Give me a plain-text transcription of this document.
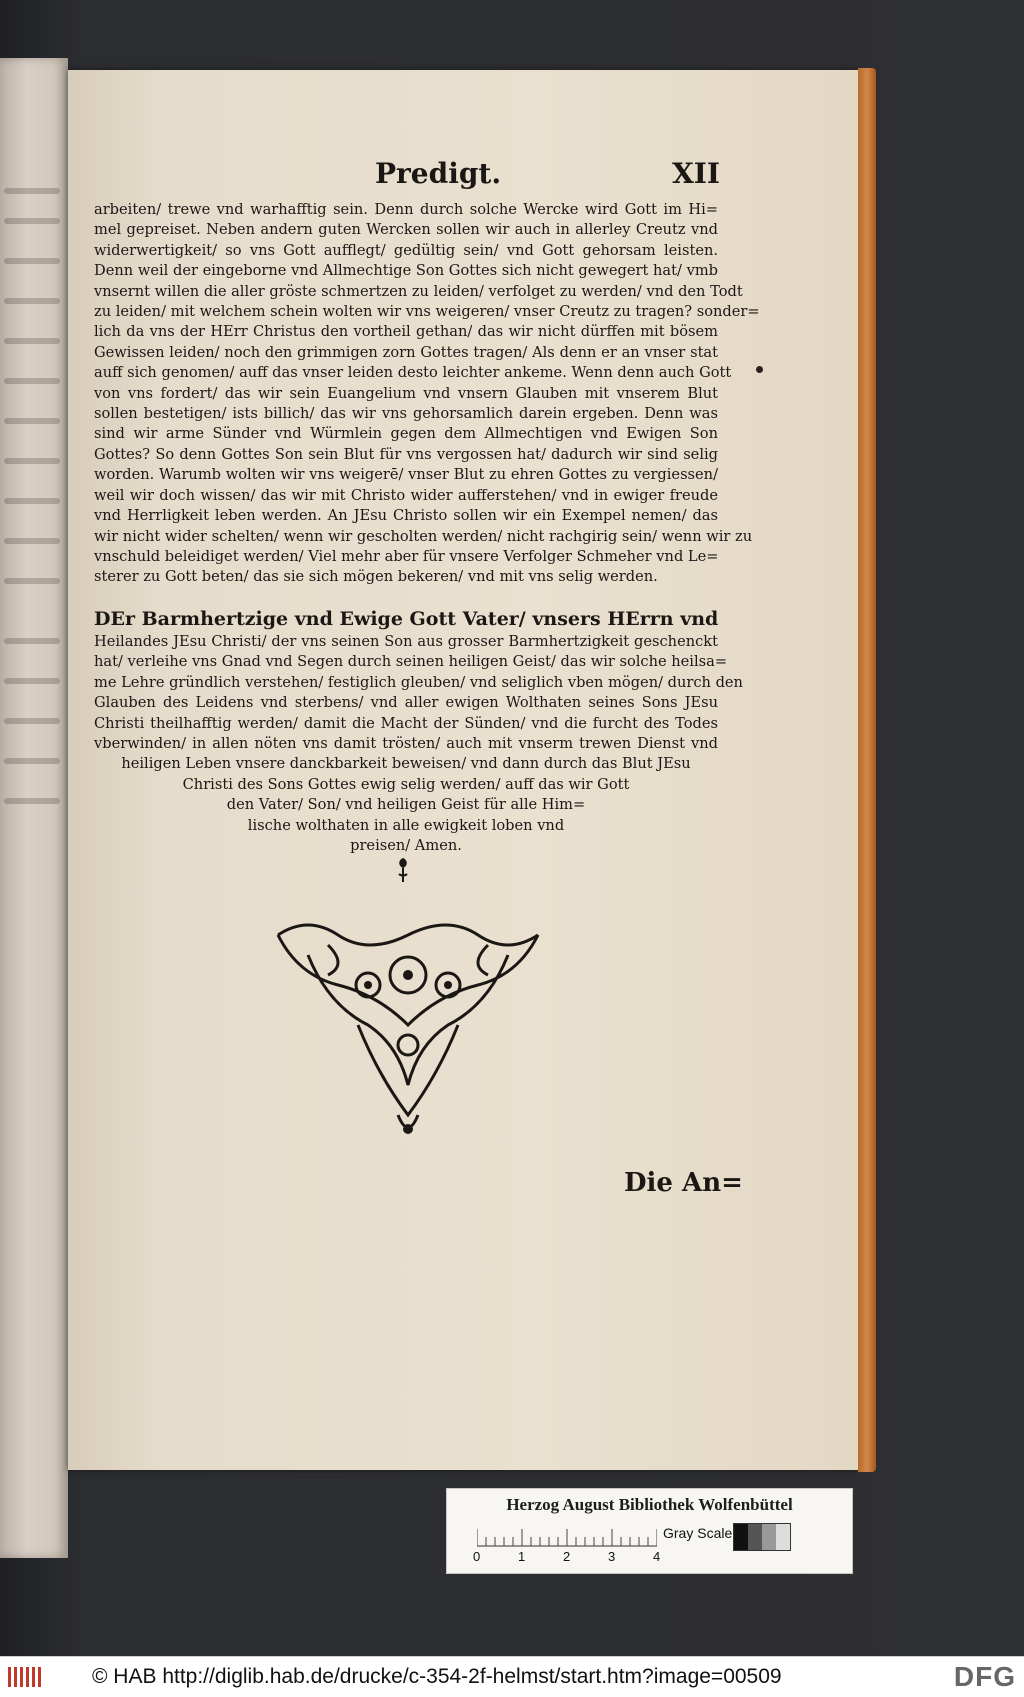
Predigt.	XII
arbeiten/ trewe vnd warhafftig sein. Denn durch solche Wercke wird Gott im Hi=
mel gepreiset. Neben andern guten Wercken sollen wir auch in allerley Creutz vnd
widerwertigkeit/ so vns Gott aufflegt/ gedültig sein/ vnd Gott gehorsam leisten.
Denn weil der eingeborne vnd Allmechtige Son Gottes sich nicht gewegert hat/ vmb
vnsernt willen die aller gröste schmertzen zu leiden/ verfolget zu werden/ vnd den Todt
zu leiden/ mit welchem schein wolten wir vns weigeren/ vnser Creutz zu tragen? sonder=
lich da vns der HErr Christus den vortheil gethan/ das wir nicht dürffen mit bösem
Gewissen leiden/ noch den grimmigen zorn Gottes tragen/ Als denn er an vnser stat
auff sich genomen/ auff das vnser leiden desto leichter ankeme. Wenn denn auch Gott
von vns fordert/ das wir sein Euangelium vnd vnsern Glauben mit vnserem Blut
sollen bestetigen/ ists billich/ das wir vns gehorsamlich darein ergeben. Denn was
sind wir arme Sünder vnd Würmlein gegen dem Allmechtigen vnd Ewigen Son
Gottes? So denn Gottes Son sein Blut für vns vergossen hat/ dadurch wir sind selig
worden. Warumb wolten wir vns weigerē/ vnser Blut zu ehren Gottes zu vergiessen/
weil wir doch wissen/ das wir mit Christo wider aufferstehen/ vnd in ewiger freude
vnd Herrligkeit leben werden. An JEsu Christo sollen wir ein Exempel nemen/ das
wir nicht wider schelten/ wenn wir gescholten werden/ nicht rachgirig sein/ wenn wir zu
vnschuld beleidiget werden/ Viel mehr aber für vnsere Verfolger Schmeher vnd Le=
sterer zu Gott beten/ das sie sich mögen bekeren/ vnd mit vns selig werden.
DEr Barmhertzige vnd Ewige Gott Vater/ vnsers HErrn vnd
Heilandes JEsu Christi/ der vns seinen Son aus grosser Barmhertzigkeit geschenckt
hat/ verleihe vns Gnad vnd Segen durch seinen heiligen Geist/ das wir solche heilsa=
me Lehre gründlich verstehen/ festiglich gleuben/ vnd seliglich vben mögen/ durch den
Glauben des Leidens vnd sterbens/ vnd aller ewigen Wolthaten seines Sons JEsu
Christi theilhafftig werden/ damit die Macht der Sünden/ vnd die furcht des Todes
vberwinden/ in allen nöten vns damit trösten/ auch mit vnserm trewen Dienst vnd
heiligen Leben vnsere danckbarkeit beweisen/ vnd dann durch das Blut JEsu
Christi des Sons Gottes ewig selig werden/ auff das wir Gott
den Vater/ Son/ vnd heiligen Geist für alle Him=
lische wolthaten in alle ewigkeit loben vnd
preisen/ Amen.
Die An=
Herzog August Bibliothek Wolfenbüttel
0	1	2	3	4
Gray Scale
© HAB http://diglib.hab.de/drucke/c-354-2f-helmst/start.htm?image=00509	DFG
